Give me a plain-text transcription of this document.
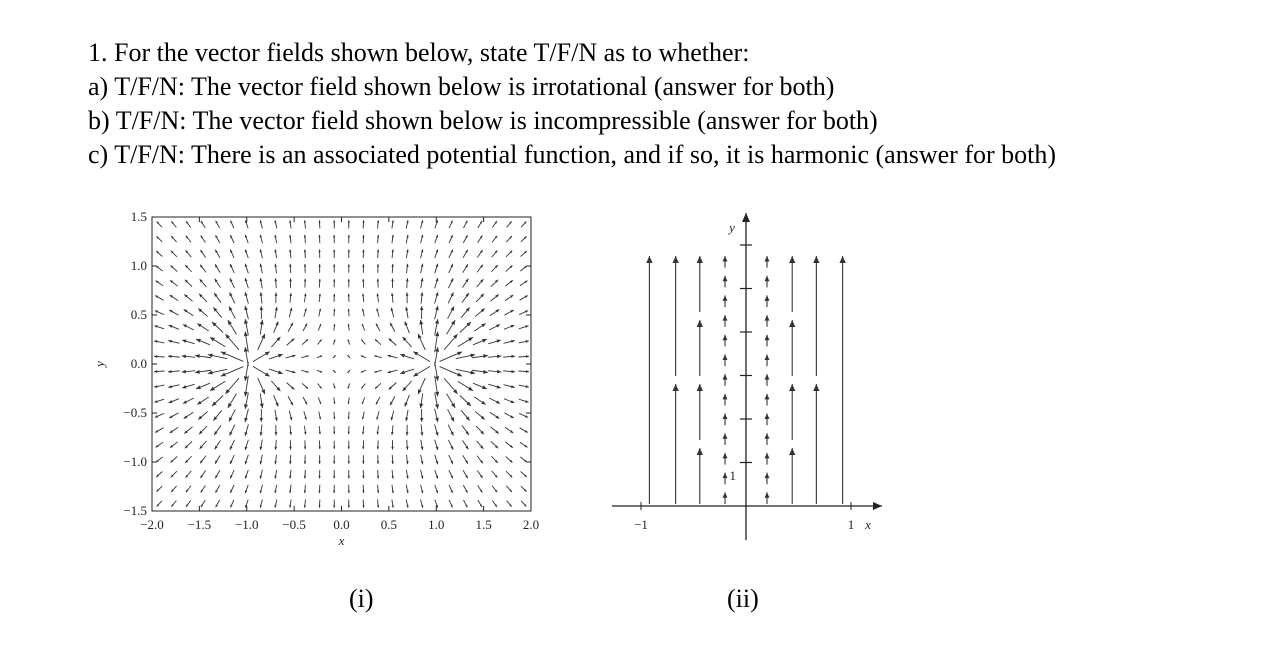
1. For the vector fields shown below, state T/F/N as to whether:
a) T/F/N: The vector field shown below is irrotational (answer for both)
b) T/F/N: The vector field shown below is incompressible (answer for both)
c) T/F/N: There is an associated potential function, and if so, it is harmonic (answer for both)
−2.0 −1.5 −1.0 −0.5 0.0 0.5 1.0 1.5 2.0
1.5
1.0
0.5
0.0
−0.5
−1.0
−1.5
x
y
(i)
−1	1
1
x
y
(ii)
